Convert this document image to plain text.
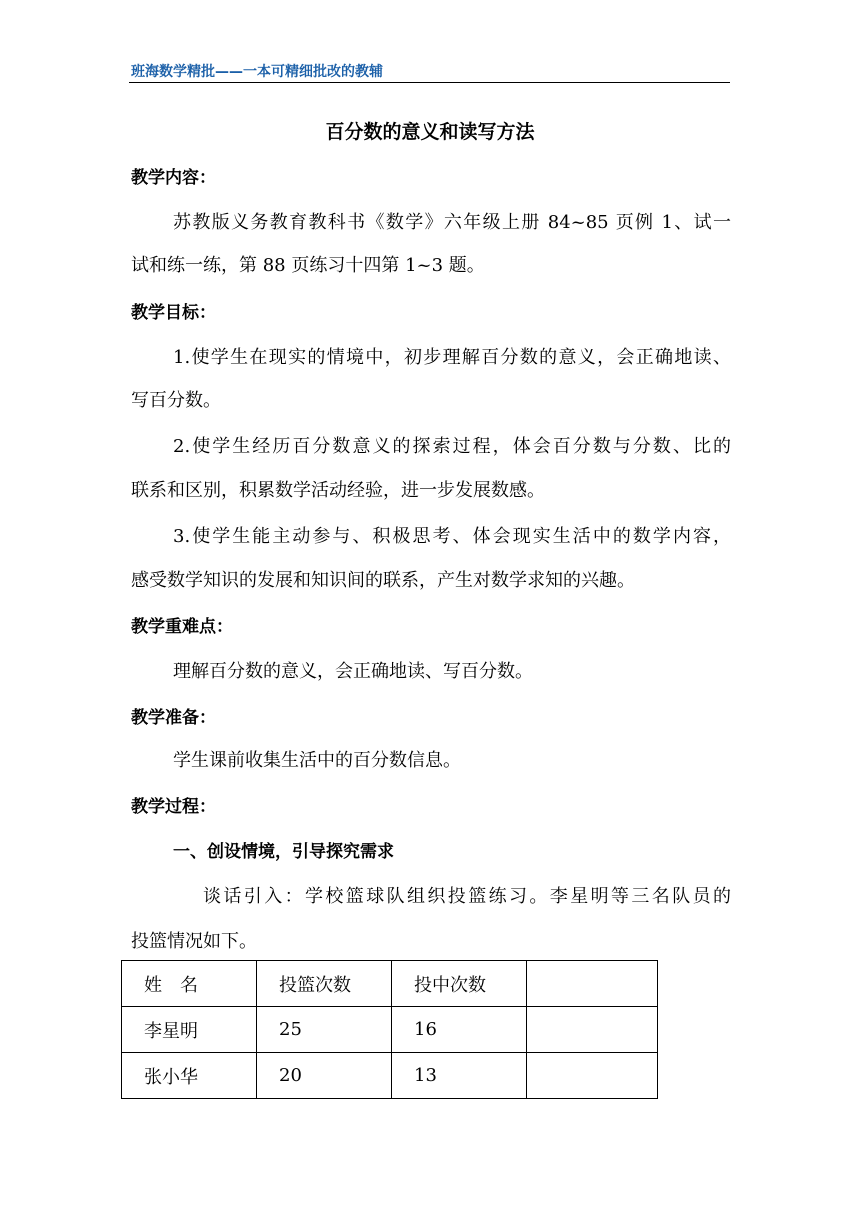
班海数学精批——一本可精细批改的教辅
百分数的意义和读写方法
教学内容：
苏教版义务教育教科书《数学》六年级上册 84~85 页例 1、试一
试和练一练，第 88 页练习十四第 1~3 题。
教学目标：
1.使学生在现实的情境中，初步理解百分数的意义，会正确地读、
写百分数。
2.使学生经历百分数意义的探索过程，体会百分数与分数、比的
联系和区别，积累数学活动经验，进一步发展数感。
3.使学生能主动参与、积极思考、体会现实生活中的数学内容，
感受数学知识的发展和知识间的联系，产生对数学求知的兴趣。
教学重难点：
理解百分数的意义，会正确地读、写百分数。
教学准备：
学生课前收集生活中的百分数信息。
教学过程：
一、创设情境，引导探究需求
谈话引入：学校篮球队组织投篮练习。李星明等三名队员的
投篮情况如下。
姓　名	投篮次数	投中次数	
李星明	25	16	
张小华	20	13	
